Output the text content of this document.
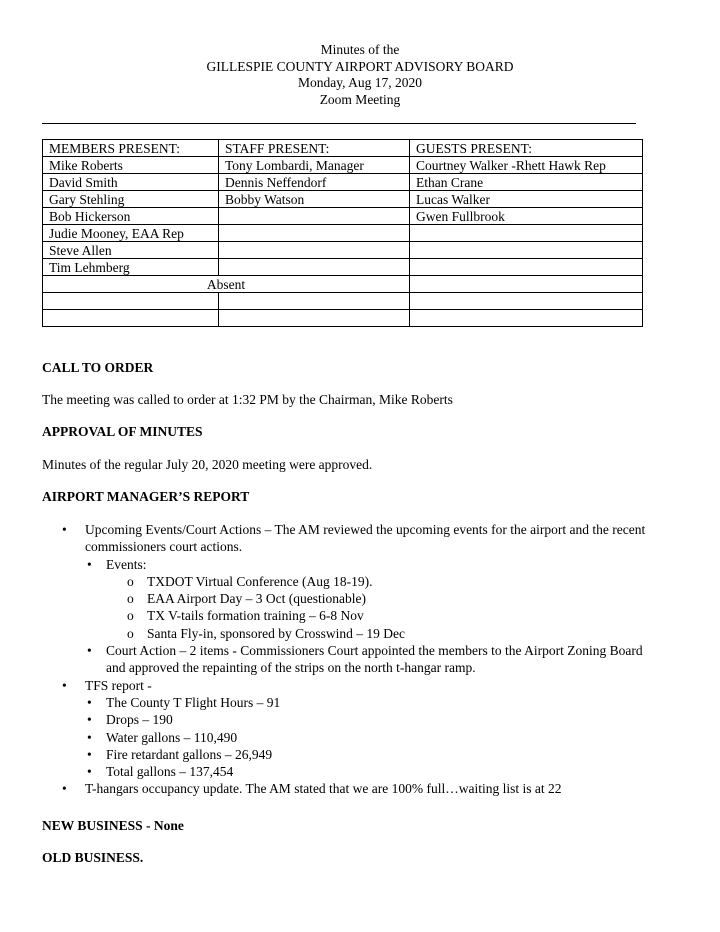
Minutes of the
GILLESPIE COUNTY AIRPORT ADVISORY BOARD
Monday, Aug 17, 2020
Zoom Meeting
MEMBERS PRESENT:	STAFF PRESENT:	GUESTS PRESENT:
Mike Roberts	Tony Lombardi, Manager	Courtney Walker -Rhett Hawk Rep
David Smith	Dennis Neffendorf	Ethan Crane
Gary Stehling	Bobby Watson	Lucas Walker
Bob Hickerson		Gwen Fullbrook
Judie Mooney, EAA Rep		
Steve Allen		
Tim Lehmberg		
Absent		

CALL TO ORDER
The meeting was called to order at 1:32 PM by the Chairman, Mike Roberts
APPROVAL OF MINUTES
Minutes of the regular July 20, 2020 meeting were approved.
AIRPORT MANAGER’S REPORT
• Upcoming Events/Court Actions – The AM reviewed the upcoming events for the airport and the recent
commissioners court actions.
• Events:
o TXDOT Virtual Conference (Aug 18-19).
o EAA Airport Day – 3 Oct (questionable)
o TX V-tails formation training – 6-8 Nov
o Santa Fly-in, sponsored by Crosswind – 19 Dec
• Court Action – 2 items - Commissioners Court appointed the members to the Airport Zoning Board
and approved the repainting of the strips on the north t-hangar ramp.
• TFS report -
• The County T Flight Hours – 91
• Drops – 190
• Water gallons – 110,490
• Fire retardant gallons – 26,949
• Total gallons – 137,454
• T-hangars occupancy update. The AM stated that we are 100% full…waiting list is at 22
NEW BUSINESS - None
OLD BUSINESS.
